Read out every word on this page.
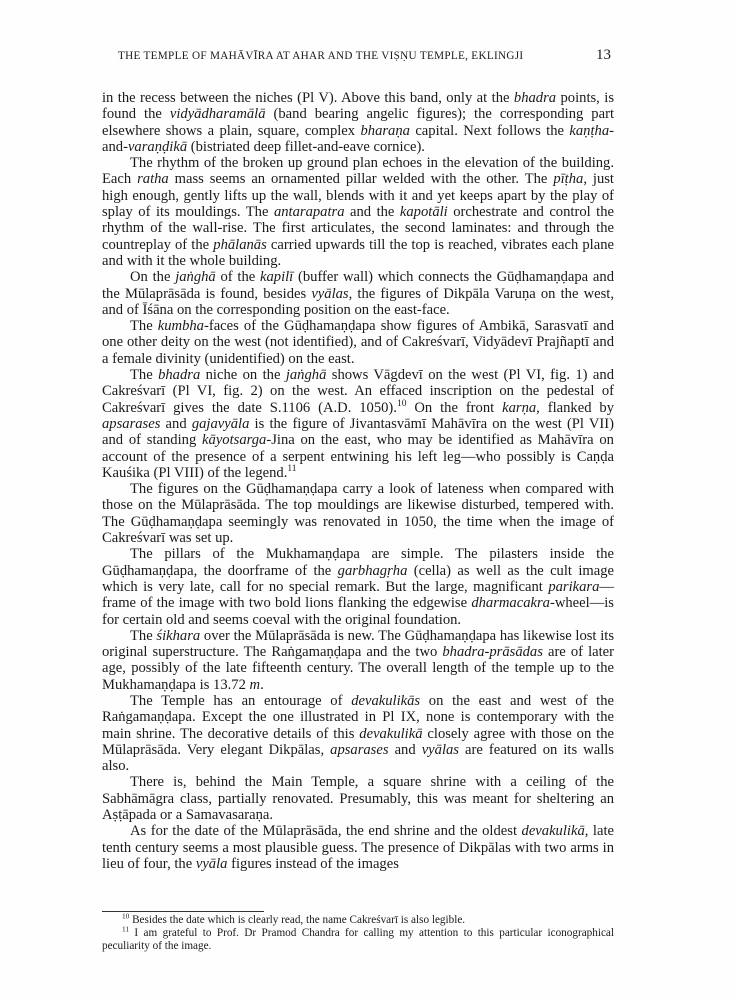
THE TEMPLE OF MAHĀVĪRA AT AHAR AND THE VIṢṆU TEMPLE, EKLINGJI	13

in the recess between the niches (Pl V). Above this band, only at the bhadra points, is found the vidyādharamālā (band bearing angelic figures); the corresponding part elsewhere shows a plain, square, complex bharaṇa capital. Next follows the kaṇṭha-and-varaṇḍikā (bistriated deep fillet-and-eave cornice).

The rhythm of the broken up ground plan echoes in the elevation of the building. Each ratha mass seems an ornamented pillar welded with the other. The pīṭha, just high enough, gently lifts up the wall, blends with it and yet keeps apart by the play of splay of its mouldings. The antarapatra and the kapotāli orchestrate and control the rhythm of the wall-rise. The first articulates, the second laminates: and through the countreplay of the phālanās carried upwards till the top is reached, vibrates each plane and with it the whole building.

On the jaṅghā of the kapilī (buffer wall) which connects the Gūḍhamaṇḍapa and the Mūlaprāsāda is found, besides vyālas, the figures of Dikpāla Varuṇa on the west, and of Īśāna on the corresponding position on the east-face.

The kumbha-faces of the Gūḍhamaṇḍapa show figures of Ambikā, Sarasvatī and one other deity on the west (not identified), and of Cakreśvarī, Vidyādevī Prajñaptī and a female divinity (unidentified) on the east.

The bhadra niche on the jaṅghā shows Vāgdevī on the west (Pl VI, fig. 1) and Cakreśvarī (Pl VI, fig. 2) on the west. An effaced inscription on the pedestal of Cakreśvarī gives the date S.1106 (A.D. 1050).$^{10}$ On the front karṇa, flanked by apsarases and gajavyāla is the figure of Jivantasvāmī Mahāvīra on the west (Pl VII) and of standing kāyotsarga-Jina on the east, who may be identified as Mahāvīra on account of the presence of a serpent entwining his left leg—who possibly is Caṇḍa Kauśika (Pl VIII) of the legend.$^{11}$

The figures on the Gūḍhamaṇḍapa carry a look of lateness when compared with those on the Mūlaprāsāda. The top mouldings are likewise disturbed, tempered with. The Gūḍhamaṇḍapa seemingly was renovated in 1050, the time when the image of Cakreśvarī was set up.

The pillars of the Mukhamaṇḍapa are simple. The pilasters inside the Gūḍhamaṇḍapa, the doorframe of the garbhagṛha (cella) as well as the cult image which is very late, call for no special remark. But the large, magnificant parikara—frame of the image with two bold lions flanking the edgewise dharmacakra-wheel—is for certain old and seems coeval with the original foundation.

The śikhara over the Mūlaprāsāda is new. The Gūḍhamaṇḍapa has likewise lost its original superstructure. The Raṅgamaṇḍapa and the two bhadra-prāsādas are of later age, possibly of the late fifteenth century. The overall length of the temple up to the Mukhamaṇḍapa is 13.72 m.

The Temple has an entourage of devakulikās on the east and west of the Raṅgamaṇḍapa. Except the one illustrated in Pl IX, none is contemporary with the main shrine. The decorative details of this devakulikā closely agree with those on the Mūlaprāsāda. Very elegant Dikpālas, apsarases and vyālas are featured on its walls also.

There is, behind the Main Temple, a square shrine with a ceiling of the Sabhāmāgra class, partially renovated. Presumably, this was meant for sheltering an Aṣṭāpada or a Samavasaraṇa.

As for the date of the Mūlaprāsāda, the end shrine and the oldest devakulikā, late tenth century seems a most plausible guess. The presence of Dikpālas with two arms in lieu of four, the vyāla figures instead of the images

$^{10}$ Besides the date which is clearly read, the name Cakreśvarī is also legible.

$^{11}$ I am grateful to Prof. Dr Pramod Chandra for calling my attention to this particular iconographical peculiarity of the image.
